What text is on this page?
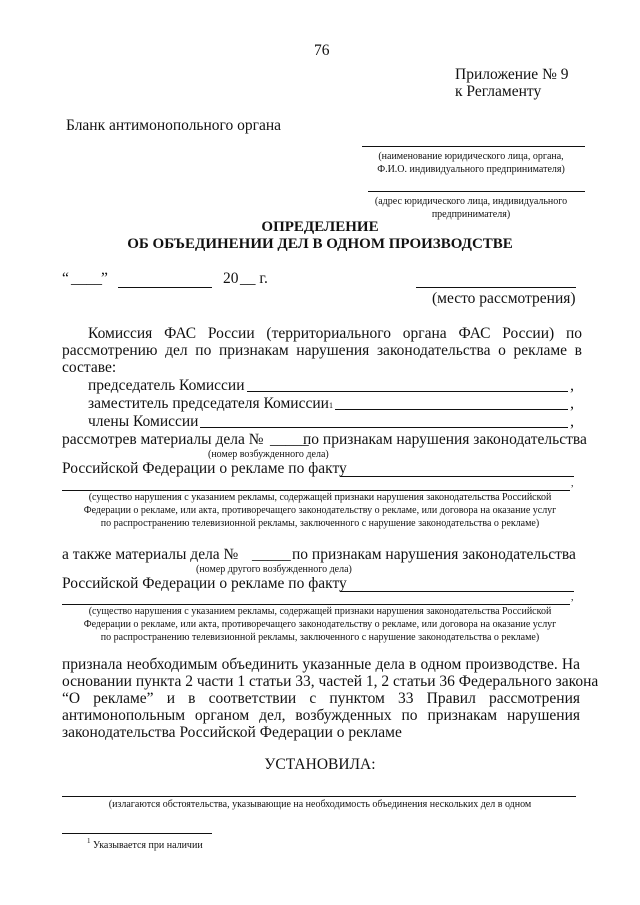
76
Приложение № 9
к Регламенту
Бланк антимонопольного органа
(наименование юридического лица, органа,
Ф.И.О. индивидуального предпринимателя)
(адрес юридического лица, индивидуального
предпринимателя)
ОПРЕДЕЛЕНИЕ
ОБ ОБЪЕДИНЕНИИ ДЕЛ В ОДНОМ ПРОИЗВОДСТВЕ
“ ____ ”	20 __ г.
(место рассмотрения)
Комиссия ФАС России (территориального органа ФАС России) по
рассмотрению дел по признакам нарушения законодательства о рекламе в
составе:
председатель Комиссии	,
заместитель председателя Комиссии 1	,
члены Комиссии	,
рассмотрев материалы дела № _____
по признакам нарушения законодательства
(номер возбужденного дела)
Российской Федерации о рекламе по факту
,
(существо нарушения с указанием рекламы, содержащей признаки нарушения законодательства Российской
Федерации о рекламе, или акта, противоречащего законодательству о рекламе, или договора на оказание услуг
по распространению телевизионной рекламы, заключенного с нарушение законодательства о рекламе)
а также материалы дела № _____ по признакам нарушения законодательства
(номер другого возбужденного дела)
Российской Федерации о рекламе по факту
,
(существо нарушения с указанием рекламы, содержащей признаки нарушения законодательства Российской
Федерации о рекламе, или акта, противоречащего законодательству о рекламе, или договора на оказание услуг
по распространению телевизионной рекламы, заключенного с нарушение законодательства о рекламе)
признала необходимым объединить указанные дела в одном производстве. На
основании пункта 2 части 1 статьи 33, частей 1, 2 статьи 36 Федерального закона
“О рекламе” и в соответствии с пунктом 33 Правил рассмотрения
антимонопольным органом дел, возбужденных по признакам нарушения
законодательства Российской Федерации о рекламе
УСТАНОВИЛА:
(излагаются обстоятельства, указывающие на необходимость объединения нескольких дел в одном
1 Указывается при наличии
